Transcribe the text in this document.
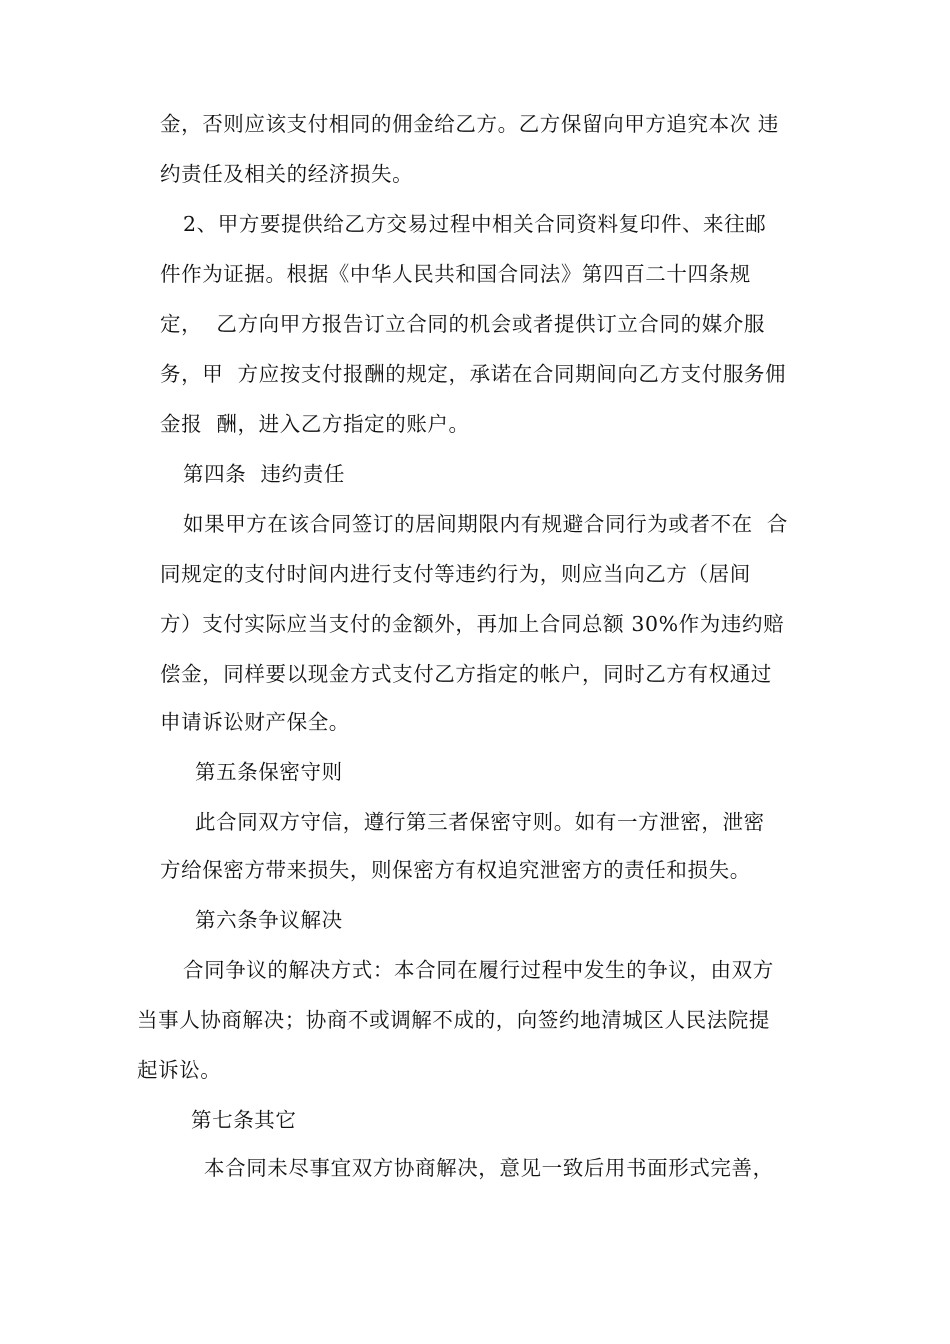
金，否则应该支付相同的佣金给乙方。乙方保留向甲方追究本次 违
约责任及相关的经济损失。
2、甲方要提供给乙方交易过程中相关合同资料复印件、来往邮
件作为证据。根据《中华人民共和国合同法》第四百二十四条规
定，  乙方向甲方报告订立合同的机会或者提供订立合同的媒介服
务，甲  方应按支付报酬的规定，承诺在合同期间向乙方支付服务佣
金报  酬，进入乙方指定的账户。
第四条  违约责任
如果甲方在该合同签订的居间期限内有规避合同行为或者不在  合
同规定的支付时间内进行支付等违约行为，则应当向乙方（居间
方）支付实际应当支付的金额外，再加上合同总额 30%作为违约赔
偿金，同样要以现金方式支付乙方指定的帐户，同时乙方有权通过
申请诉讼财产保全。
第五条保密守则
此合同双方守信，遵行第三者保密守则。如有一方泄密，泄密
方给保密方带来损失，则保密方有权追究泄密方的责任和损失。
第六条争议解决
合同争议的解决方式：本合同在履行过程中发生的争议，由双方
当事人协商解决；协商不或调解不成的，向签约地清城区人民法院提
起诉讼。
第七条其它
本合同未尽事宜双方协商解决，意见一致后用书面形式完善，
